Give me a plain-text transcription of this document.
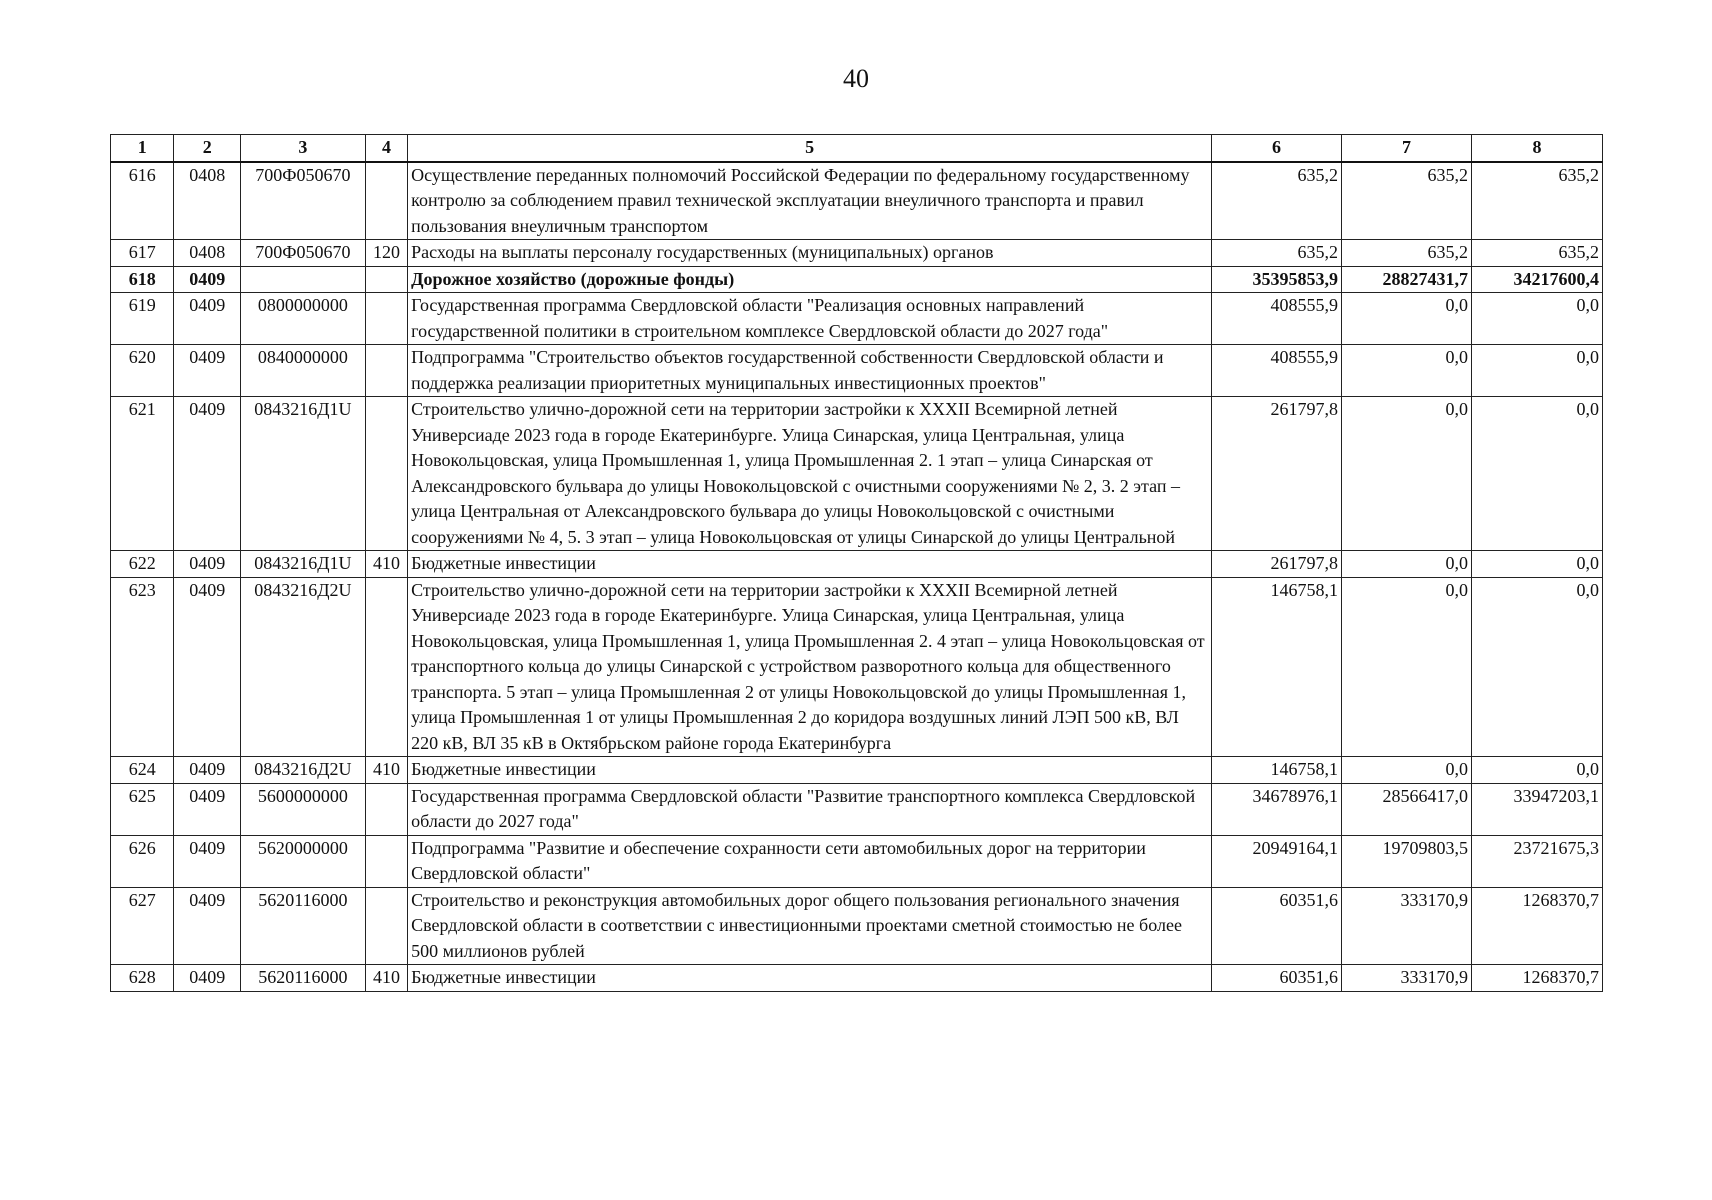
40
1	2	3	4	5	6	7	8
616	0408	700Ф050670		Осуществление переданных полномочий Российской Федерации по федеральному государственному контролю за соблюдением правил технической эксплуатации внеуличного транспорта и правил пользования внеуличным транспортом	635,2	635,2	635,2
617	0408	700Ф050670	120	Расходы на выплаты персоналу государственных (муниципальных) органов	635,2	635,2	635,2
618	0409			Дорожное хозяйство (дорожные фонды)	35395853,9	28827431,7	34217600,4
619	0409	0800000000		Государственная программа Свердловской области "Реализация основных направлений государственной политики в строительном комплексе Свердловской области до 2027 года"	408555,9	0,0	0,0
620	0409	0840000000		Подпрограмма "Строительство объектов государственной собственности Свердловской области и поддержка реализации приоритетных муниципальных инвестиционных проектов"	408555,9	0,0	0,0
621	0409	0843216Д1U		Строительство улично-дорожной сети на территории застройки к XXXII Всемирной летней Универсиаде 2023 года в городе Екатеринбурге. Улица Синарская, улица Центральная, улица Новокольцовская, улица Промышленная 1, улица Промышленная 2. 1 этап – улица Синарская от Александровского бульвара до улицы Новокольцовской с очистными сооружениями № 2, 3. 2 этап – улица Центральная от Александровского бульвара до улицы Новокольцовской с очистными сооружениями № 4, 5. 3 этап – улица Новокольцовская от улицы Синарской до улицы Центральной	261797,8	0,0	0,0
622	0409	0843216Д1U	410	Бюджетные инвестиции	261797,8	0,0	0,0
623	0409	0843216Д2U		Строительство улично-дорожной сети на территории застройки к XXXII Всемирной летней Универсиаде 2023 года в городе Екатеринбурге. Улица Синарская, улица Центральная, улица Новокольцовская, улица Промышленная 1, улица Промышленная 2. 4 этап – улица Новокольцовская от транспортного кольца до улицы Синарской с устройством разворотного кольца для общественного транспорта. 5 этап – улица Промышленная 2 от улицы Новокольцовской до улицы Промышленная 1, улица Промышленная 1 от улицы Промышленная 2 до коридора воздушных линий ЛЭП 500 кВ, ВЛ 220 кВ, ВЛ 35 кВ в Октябрьском районе города Екатеринбурга	146758,1	0,0	0,0
624	0409	0843216Д2U	410	Бюджетные инвестиции	146758,1	0,0	0,0
625	0409	5600000000		Государственная программа Свердловской области "Развитие транспортного комплекса Свердловской области до 2027 года"	34678976,1	28566417,0	33947203,1
626	0409	5620000000		Подпрограмма "Развитие и обеспечение сохранности сети автомобильных дорог на территории Свердловской области"	20949164,1	19709803,5	23721675,3
627	0409	5620116000		Строительство и реконструкция автомобильных дорог общего пользования регионального значения Свердловской области в соответствии с инвестиционными проектами сметной стоимостью не более 500 миллионов рублей	60351,6	333170,9	1268370,7
628	0409	5620116000	410	Бюджетные инвестиции	60351,6	333170,9	1268370,7
